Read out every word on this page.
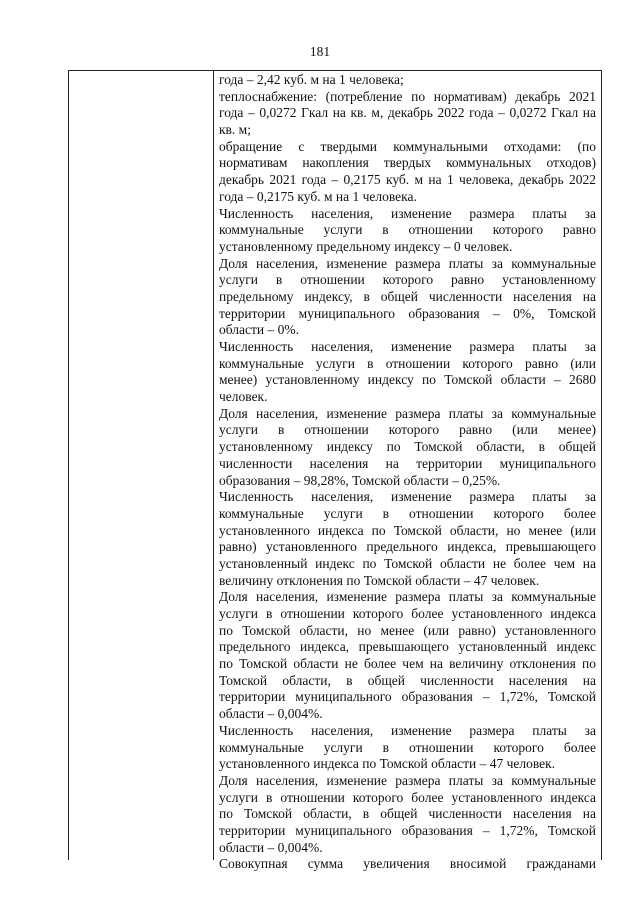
181
года – 2,42 куб. м на 1 человека;
теплоснабжение: (потребление по нормативам) декабрь 2021
года – 0,0272 Гкал на кв. м, декабрь 2022 года – 0,0272 Гкал на
кв. м;
обращение с твердыми коммунальными отходами: (по
нормативам накопления твердых коммунальных отходов)
декабрь 2021 года – 0,2175 куб. м на 1 человека, декабрь 2022
года – 0,2175 куб. м на 1 человека.
Численность населения, изменение размера платы за
коммунальные услуги в отношении которого равно
установленному предельному индексу – 0 человек.
Доля населения, изменение размера платы за коммунальные
услуги в отношении которого равно установленному
предельному индексу, в общей численности населения на
территории муниципального образования – 0%, Томской
области – 0%.
Численность населения, изменение размера платы за
коммунальные услуги в отношении которого равно (или
менее) установленному индексу по Томской области – 2680
человек.
Доля населения, изменение размера платы за коммунальные
услуги в отношении которого равно (или менее)
установленному индексу по Томской области, в общей
численности населения на территории муниципального
образования – 98,28%, Томской области – 0,25%.
Численность населения, изменение размера платы за
коммунальные услуги в отношении которого более
установленного индекса по Томской области, но менее (или
равно) установленного предельного индекса, превышающего
установленный индекс по Томской области не более чем на
величину отклонения по Томской области – 47 человек.
Доля населения, изменение размера платы за коммунальные
услуги в отношении которого более установленного индекса
по Томской области, но менее (или равно) установленного
предельного индекса, превышающего установленный индекс
по Томской области не более чем на величину отклонения по
Томской области, в общей численности населения на
территории муниципального образования – 1,72%, Томской
области – 0,004%.
Численность населения, изменение размера платы за
коммунальные услуги в отношении которого более
установленного индекса по Томской области – 47 человек.
Доля населения, изменение размера платы за коммунальные
услуги в отношении которого более установленного индекса
по Томской области, в общей численности населения на
территории муниципального образования – 1,72%, Томской
области – 0,004%.
Совокупная сумма увеличения вносимой гражданами
